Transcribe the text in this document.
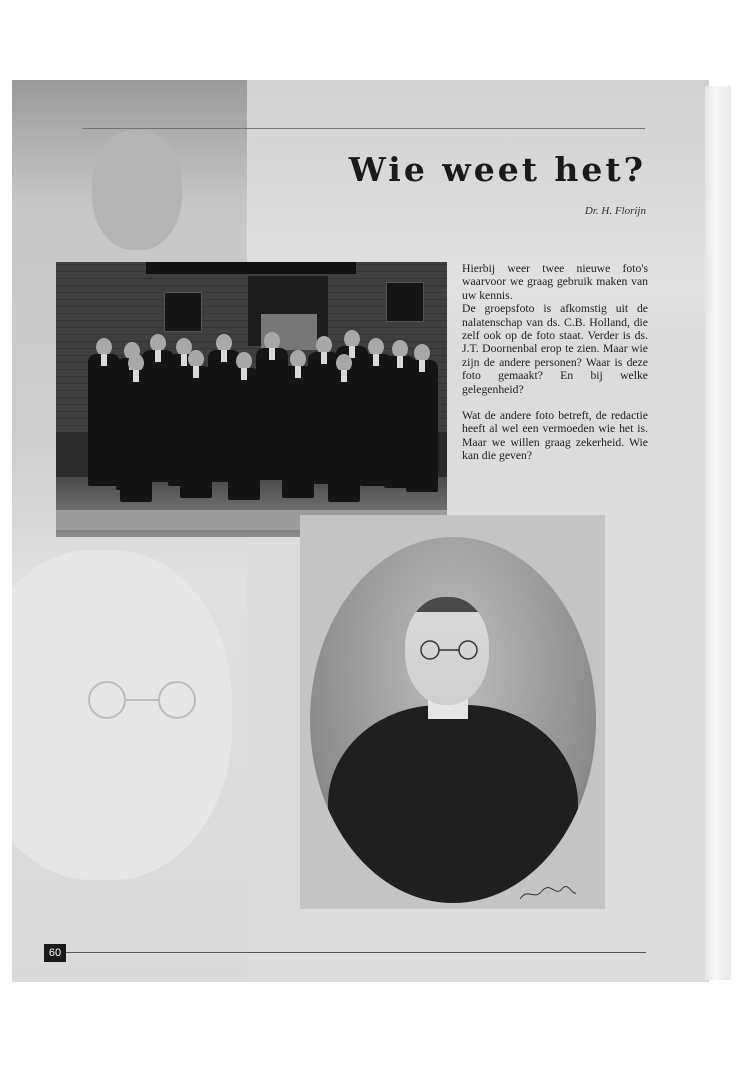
Wie weet het?
Dr. H. Florijn

Hierbij weer twee nieuwe foto's waarvoor we graag gebruik maken van uw kennis.

De groepsfoto is afkomstig uit de nalatenschap van ds. C.B. Holland, die zelf ook op de foto staat. Verder is ds. J.T. Doornenbal erop te zien. Maar wie zijn de andere personen? Waar is deze foto gemaakt? En bij welke gelegenheid?

Wat de andere foto betreft, de redactie heeft al wel een vermoeden wie het is. Maar we willen graag zekerheid. Wie kan die geven?

60
